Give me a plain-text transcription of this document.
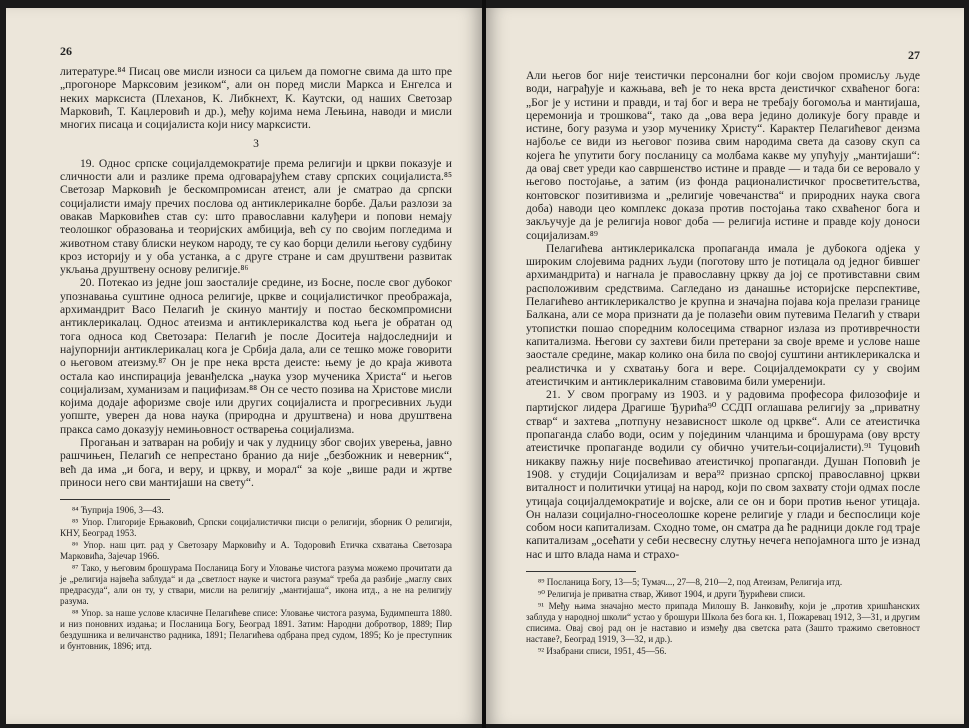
26

литературе.⁸⁴ Писац ове мисли износи са циљем да помогне свима да што пре „прогоноре Марксовим језиком“, али он поред мисли Маркса и Енгелса и неких марксиста (Плеханов, К. Либкнехт, К. Каутски, од наших Светозар Марковић, Т. Кацлеровић и др.), међу којима нема Лењина, наводи и мисли многих писаца и социјалиста који нису марксисти.

3

19. Однос српске социјалдемократије према религији и цркви показује и сличности али и разлике према одговарајућем ставу српских социјалиста.⁸⁵ Светозар Марковић је бескомпромисан атеист, али је сматрао да српски социјалисти имају пречих послова од антиклерикалне борбе. Даљи разлози за овакав Марковићев став су: што православни калуђери и попови немају теолошког образовања и теоријских амбиција, већ су по својим погледима и животном ставу блиски неуком народу, те су као борци делили његову судбину кроз историју и у оба устанка, а с друге стране и сам друштвени развитак укљања друштвену основу религије.⁸⁶

20. Потекао из једне још заосталије средине, из Босне, после свог дубоког упознавања суштине односа религије, цркве и социјалистичког преображаја, архимандрит Васо Пелагић је скинуо мантију и постао бескомпромисни антиклерикалац. Однос атеизма и антиклерикалства код њега је обратан од тога односа код Светозара: Пелагић је после Доситеја најдоследнији и најупорнији антиклерикалац кога је Србија дала, али се тешко може говорити о његовом атеизму.⁸⁷ Он је пре нека врста деисте: њему је до краја живота остала као инспирација јеванђелска „наука узор мученика Христа“ и његов социјализам, хуманизам и пацифизам.⁸⁸ Он се често позива на Христове мисли којима додаје афоризме своје или других социјалиста и прогресивних људи уопште, уверен да нова наука (природна и друштвена) и нова друштвена пракса само доказују немињовност остварења социјализма.

Прогањан и затваран на робију и чак у лудницу због својих уверења, јавно рашчињен, Пелагић се непрестано бранио да није „безбожник и неверник“, већ да има „и бога, и веру, и цркву, и морал“ за које „више ради и жртве приноси него сви мантијаши на свету“.

⁸⁴ Ћуприја 1906, 3—43.

⁸⁵ Упор. Глигорије Ерњаковић, Српски социјалистички писци о религији, зборник О религији, КНУ, Београд 1953.

⁸⁶ Упор. наш цит. рад у Светозару Марковићу и А. Тодоровић Етичка схватања Светозара Марковића, Зајечар 1966.

⁸⁷ Тако, у његовим брошурама Посланица Богу и Уловање чистога разума можемо прочитати да је „религија највећа заблуда“ и да „светлост науке и чистога разума“ треба да разбије „маглу свих предрасуда“, али он ту, у ствари, мисли на религију „мантијаша“, икона итд., а не на религију разума.

⁸⁸ Упор. за наше услове класичне Пелагићеве списе: Уловање чистога разума, Будимпешта 1880. и низ поновних издања; и Посланица Богу, Београд 1891. Затим: Народни добротвор, 1889; Пир бездушника и величанство радника, 1891; Пелагићева одбрана пред судом, 1895; Ко је преступник и бунтовник, 1896; итд.

27

Али његов бог није теистички персонални бог који својом промисљу људе води, награђује и кажњава, већ је то нека врста деистичког схваћеног бога: „Бог је у истини и правди, и тај бог и вера не требају богомоља и мантијаша, церемонија и трошкова“, тако да „ова вера једино доликује богу правде и истине, богу разума и узор мученику Христу“. Карактер Пелагићевог деизма најбоље се види из његовог позива свим народима света да сазову скуп са којега ће упутити богу посланицу са молбама какве му упућују „мантијаши“: да оваj свет уреди као савршенство истине и правде — и тада би се веровало у његово постојање, а затим (из фонда рационалистичког просветитељства, контовског позитивизма и „религије човечанства“ и природних наука свога доба) наводи цео комплекс доказа против постојања тако схваћеног бога и закључује да је религија новог доба — религија истине и правде коју доноси социјализам.⁸⁹

Пелагићева антиклерикалска пропаганда имала је дубокога одјека у широким слојевима радних људи (поготову што је потицала од једног бившег архимандрита) и нагнала је православну цркву да јој се противставни свим расположивим средствима. Сагледано из данашње историјске перспективе, Пелагићево антиклерикалство је крупна и значајна појава која прелази границе Балкана, али се мора признати да је полазећи овим путевима Пелагић у ствари утопистки пошао споредним колосецима стварног излаза из противречности капитализма. Његови су захтеви били претерани за своје време и услове наше заостале средине, макар колико она била по својој суштини антиклерикалска и реалистичка и у схватању бога и вере. Социјалдемократи су у својим атеистичким и антиклерикалним ставовима били умеренији.

21. У свом програму из 1903. и у радовима професора филозофије и партијског лидера Драгише Ђурића⁹⁰ ССДП оглашава религију за „приватну ствар“ и захтева „потпуну независност школе од цркве“. Али се атеистичка пропаганда слабо води, осим у појединим чланцима и брошурама (ову врсту атеистичке пропаганде водили су обично учитељи-социјалисти).⁹¹ Туцовић никакву пажњу није посвећивао атеистичкој пропаганди. Душан Поповић је 1908. у студији Социјализам и вера⁹² признао српској православној цркви виталност и политички утицај на народ, који по свом захвату стоји одмах после утицаја социјалдемократије и војске, али се он и бори против њеног утицаја. Он налази социјално-гносеолошке корене религије у глади и беспослици које собом носи капитализам. Сходно томе, он сматра да ће радници докле год траје капитализам „осећати у себи несвесну слутњу нечега непојамнога што је изнад нас и што влада нама и страхо-

⁸⁹ Посланица Богу, 13—5; Тумач..., 27—8, 210—2, под Атеизам, Религија итд.

⁹⁰ Религија је приватна ствар, Живот 1904, и други Ђурићеви списи.

⁹¹ Међу њима значајно место припада Милошу В. Јанковићу, који је „против хришћанских заблуда у народној школи“ устао у брошури Школа без бога кн. 1, Пожаревац 1912, 3—31, и другим списима. Овај свој рад он је наставио и између два светска рата (Зашто тражимо световност наставе?, Београд 1919, 3—32, и др.).

⁹² Изабрани списи, 1951, 45—56.
